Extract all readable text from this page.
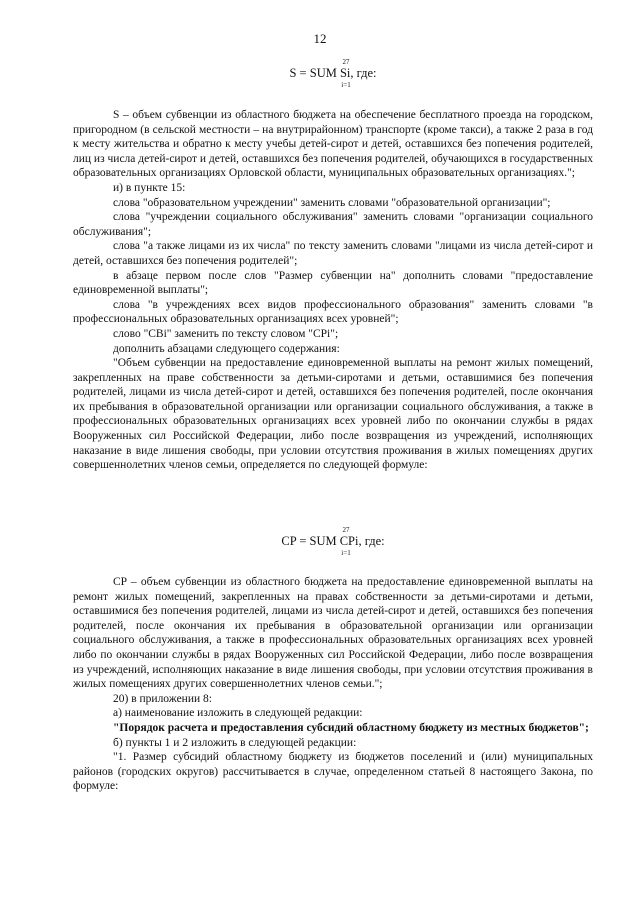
12
27
S = SUM Si, где:
i=1

S – объем субвенции из областного бюджета на обеспечение бесплатного проезда на городском, пригородном (в сельской местности – на внутрирайонном) транспорте (кроме такси), а также 2 раза в год к месту жительства и обратно к месту учебы детей-сирот и детей, оставшихся без попечения родителей, лиц из числа детей-сирот и детей, оставшихся без попечения родителей, обучающихся в государственных образовательных организациях Орловской области, муниципальных образовательных организациях.";

и) в пункте 15:

слова "образовательном учреждении" заменить словами "образовательной организации";

слова "учреждении социального обслуживания" заменить словами "организации социального обслуживания";

слова "а также лицами из их числа" по тексту заменить словами "лицами из числа детей-сирот и детей, оставшихся без попечения родителей";

в абзаце первом после слов "Размер субвенции на" дополнить словами "предоставление единовременной выплаты";

слова "в учреждениях всех видов профессионального образования" заменить словами "в профессиональных образовательных организациях всех уровней";

слово "CBi" заменить по тексту словом "CPi";

дополнить абзацами следующего содержания:

"Объем субвенции на предоставление единовременной выплаты на ремонт жилых помещений, закрепленных на праве собственности за детьми-сиротами и детьми, оставшимися без попечения родителей, лицами из числа детей-сирот и детей, оставшихся без попечения родителей, после окончания их пребывания в образовательной организации или организации социального обслуживания, а также в профессиональных образовательных организациях всех уровней либо по окончании службы в рядах Вооруженных сил Российской Федерации, либо после возвращения из учреждений, исполняющих наказание в виде лишения свободы, при условии отсутствия проживания в жилых помещениях других совершеннолетних членов семьи, определяется по следующей формуле:

27
CP = SUM CPi, где:
i=1

CP – объем субвенции из областного бюджета на предоставление единовременной выплаты на ремонт жилых помещений, закрепленных на правах собственности за детьми-сиротами и детьми, оставшимися без попечения родителей, лицами из числа детей-сирот и детей, оставшихся без попечения родителей, после окончания их пребывания в образовательной организации или организации социального обслуживания, а также в профессиональных образовательных организациях всех уровней либо по окончании службы в рядах Вооруженных сил Российской Федерации, либо после возвращения из учреждений, исполняющих наказание в виде лишения свободы, при условии отсутствия проживания в жилых помещениях других совершеннолетних членов семьи.";

20) в приложении 8:

а) наименование изложить в следующей редакции:

"Порядок расчета и предоставления субсидий областному бюджету из местных бюджетов";

б) пункты 1 и 2 изложить в следующей редакции:

"1. Размер субсидий областному бюджету из бюджетов поселений и (или) муниципальных районов (городских округов) рассчитывается в случае, определенном статьей 8 настоящего Закона, по формуле:
